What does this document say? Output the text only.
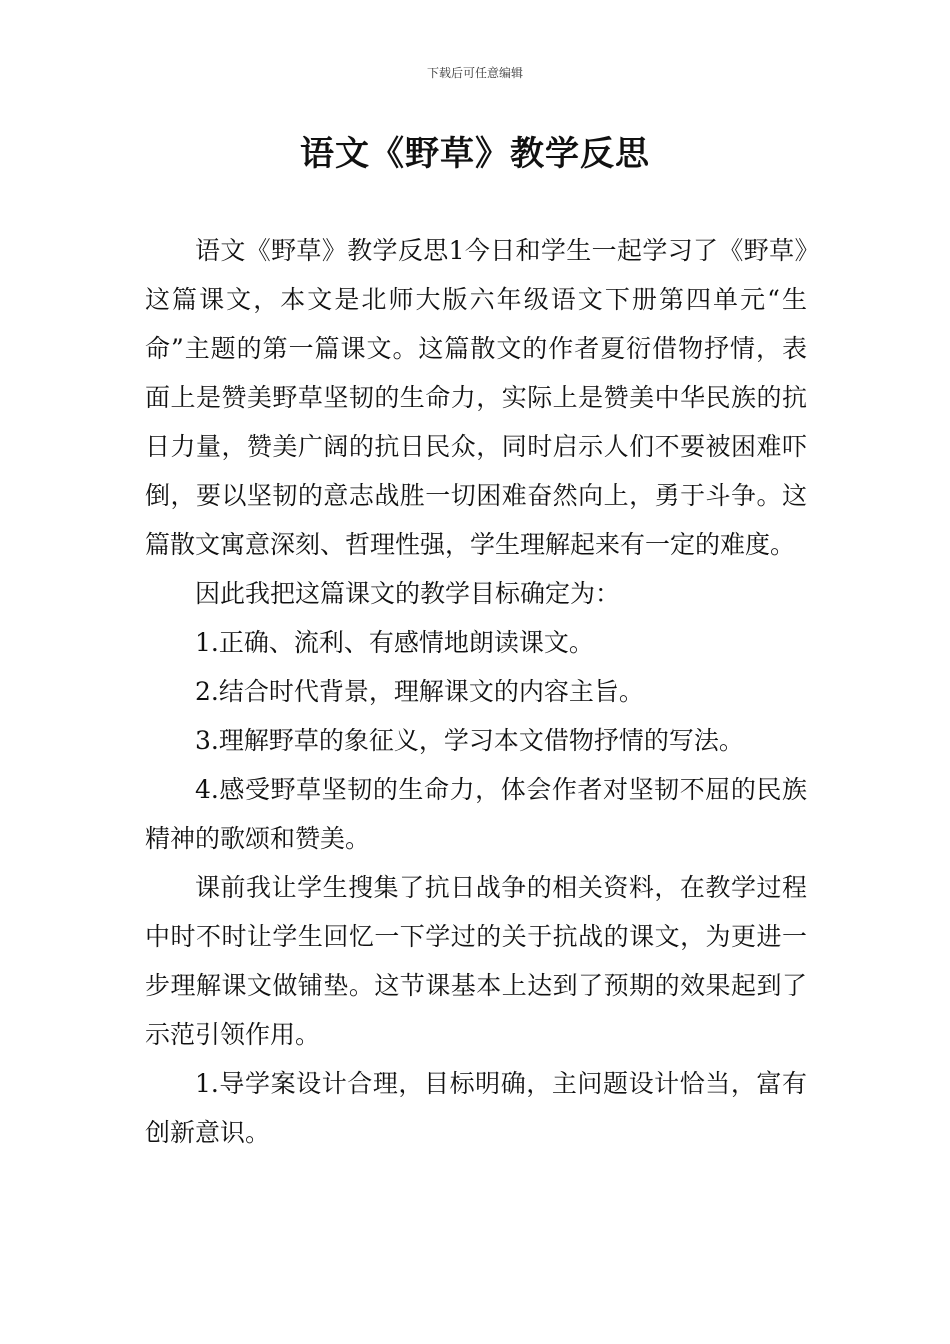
下载后可任意编辑
语文《野草》教学反思

语文《野草》教学反思1今日和学生一起学习了《野草》这篇课文，本文是北师大版六年级语文下册第四单元“生命”主题的第一篇课文。这篇散文的作者夏衍借物抒情，表面上是赞美野草坚韧的生命力，实际上是赞美中华民族的抗日力量，赞美广阔的抗日民众，同时启示人们不要被困难吓倒，要以坚韧的意志战胜一切困难奋然向上，勇于斗争。这篇散文寓意深刻、哲理性强，学生理解起来有一定的难度。

因此我把这篇课文的教学目标确定为：

1.正确、流利、有感情地朗读课文。

2.结合时代背景，理解课文的内容主旨。

3.理解野草的象征义，学习本文借物抒情的写法。

4.感受野草坚韧的生命力，体会作者对坚韧不屈的民族精神的歌颂和赞美。

课前我让学生搜集了抗日战争的相关资料，在教学过程中时不时让学生回忆一下学过的关于抗战的课文，为更进一步理解课文做铺垫。这节课基本上达到了预期的效果起到了示范引领作用。

1.导学案设计合理，目标明确，主问题设计恰当，富有创新意识。
